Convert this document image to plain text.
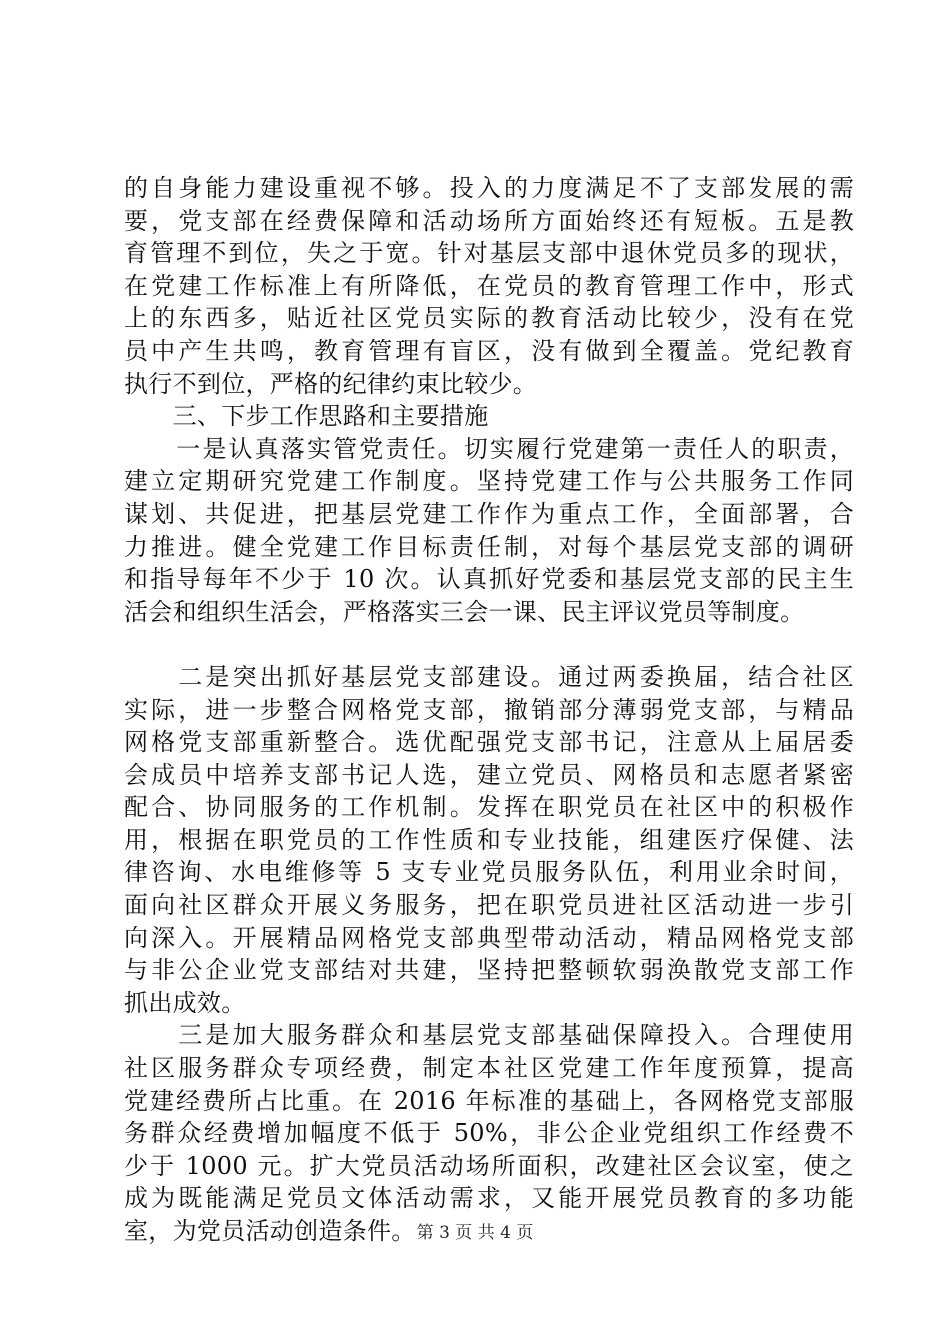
的自身能力建设重视不够。投入的力度满足不了支部发展的需
要，党支部在经费保障和活动场所方面始终还有短板。五是教
育管理不到位，失之于宽。针对基层支部中退休党员多的现状，
在党建工作标准上有所降低，在党员的教育管理工作中，形式
上的东西多，贴近社区党员实际的教育活动比较少，没有在党
员中产生共鸣，教育管理有盲区，没有做到全覆盖。党纪教育
执行不到位，严格的纪律约束比较少。
　　三、下步工作思路和主要措施
　　一是认真落实管党责任。切实履行党建第一责任人的职责，
建立定期研究党建工作制度。坚持党建工作与公共服务工作同
谋划、共促进，把基层党建工作作为重点工作，全面部署，合
力推进。健全党建工作目标责任制，对每个基层党支部的调研
和指导每年不少于 10 次。认真抓好党委和基层党支部的民主生
活会和组织生活会，严格落实三会一课、民主评议党员等制度。
　　二是突出抓好基层党支部建设。通过两委换届，结合社区
实际，进一步整合网格党支部，撤销部分薄弱党支部，与精品
网格党支部重新整合。选优配强党支部书记，注意从上届居委
会成员中培养支部书记人选，建立党员、网格员和志愿者紧密
配合、协同服务的工作机制。发挥在职党员在社区中的积极作
用，根据在职党员的工作性质和专业技能，组建医疗保健、法
律咨询、水电维修等 5 支专业党员服务队伍，利用业余时间，
面向社区群众开展义务服务，把在职党员进社区活动进一步引
向深入。开展精品网格党支部典型带动活动，精品网格党支部
与非公企业党支部结对共建，坚持把整顿软弱涣散党支部工作
抓出成效。
　　三是加大服务群众和基层党支部基础保障投入。合理使用
社区服务群众专项经费，制定本社区党建工作年度预算，提高
党建经费所占比重。在 2016 年标准的基础上，各网格党支部服
务群众经费增加幅度不低于 50%，非公企业党组织工作经费不
少于 1000 元。扩大党员活动场所面积，改建社区会议室，使之
成为既能满足党员文体活动需求，又能开展党员教育的多功能
室，为党员活动创造条件。 第 3 页 共 4 页
